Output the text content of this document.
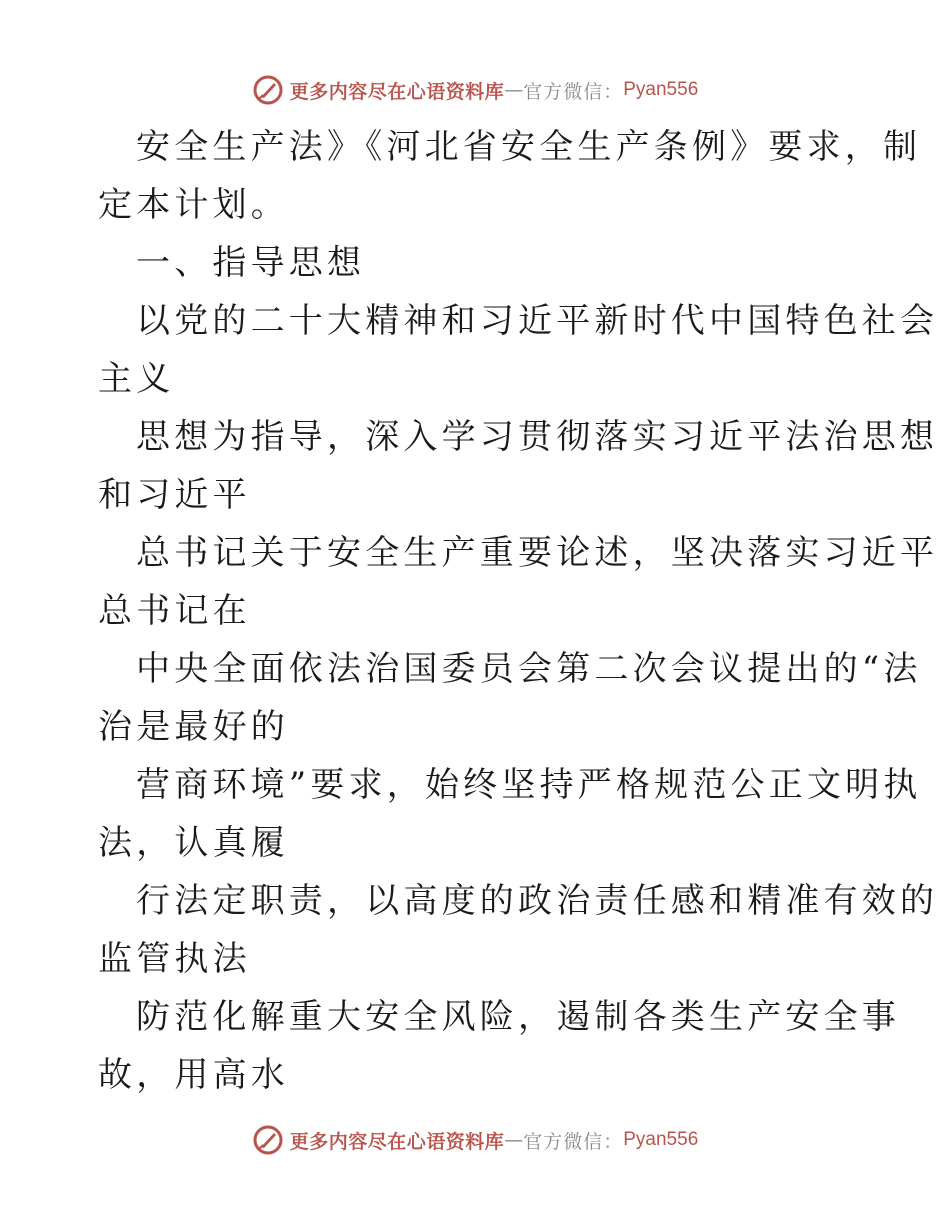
更多内容尽在心语资料库 — 官方微信： Pyan556
安全生产法》《河北省安全生产条例》要求，制
定本计划。
一、指导思想
以党的二十大精神和习近平新时代中国特色社会
主义
思想为指导，深入学习贯彻落实习近平法治思想
和习近平
总书记关于安全生产重要论述，坚决落实习近平
总书记在
中央全面依法治国委员会第二次会议提出的“法
治是最好的
营商环境”要求，始终坚持严格规范公正文明执
法，认真履
行法定职责，以高度的政治责任感和精准有效的
监管执法
防范化解重大安全风险，遏制各类生产安全事
故，用高水
更多内容尽在心语资料库 — 官方微信： Pyan556
